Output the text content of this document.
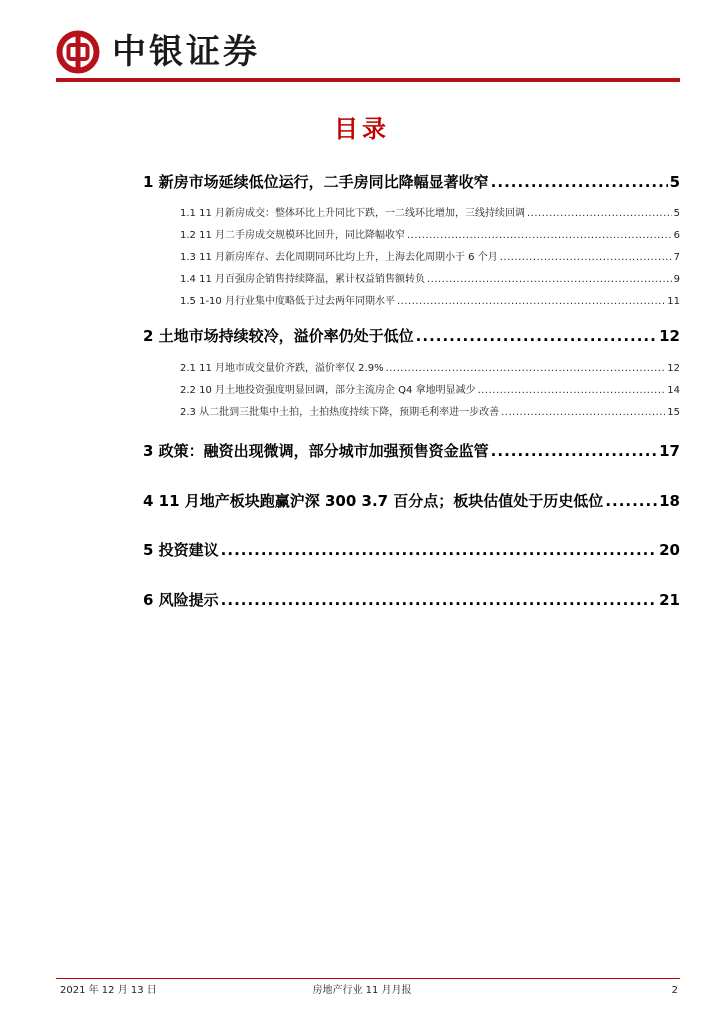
中银证券
目录
1 新房市场延续低位运行，二手房同比降幅显著收窄 .....	5
1.1 11 月新房成交：整体环比上升同比下跌，一二线环比增加，三线持续回调 .....	5
1.2 11 月二手房成交规模环比回升，同比降幅收窄 .....	6
1.3 11 月新房库存、去化周期同环比均上升，上海去化周期小于 6 个月 .....	7
1.4 11 月百强房企销售持续降温，累计权益销售额转负 .....	9
1.5 1-10 月行业集中度略低于过去两年同期水平 .....	11
2 土地市场持续较冷，溢价率仍处于低位 .....	12
2.1 11 月地市成交量价齐跌，溢价率仅 2.9% .....	12
2.2 10 月土地投资强度明显回调，部分主流房企 Q4 拿地明显减少 .....	14
2.3 从二批到三批集中土拍，土拍热度持续下降，预期毛利率进一步改善 .....	15
3 政策：融资出现微调，部分城市加强预售资金监管 .....	17
4 11 月地产板块跑赢沪深 300 3.7 百分点；板块估值处于历史低位 .....	18
5 投资建议 .....	20
6 风险提示 .....	21
2021 年 12 月 13 日	房地产行业 11 月月报	2
